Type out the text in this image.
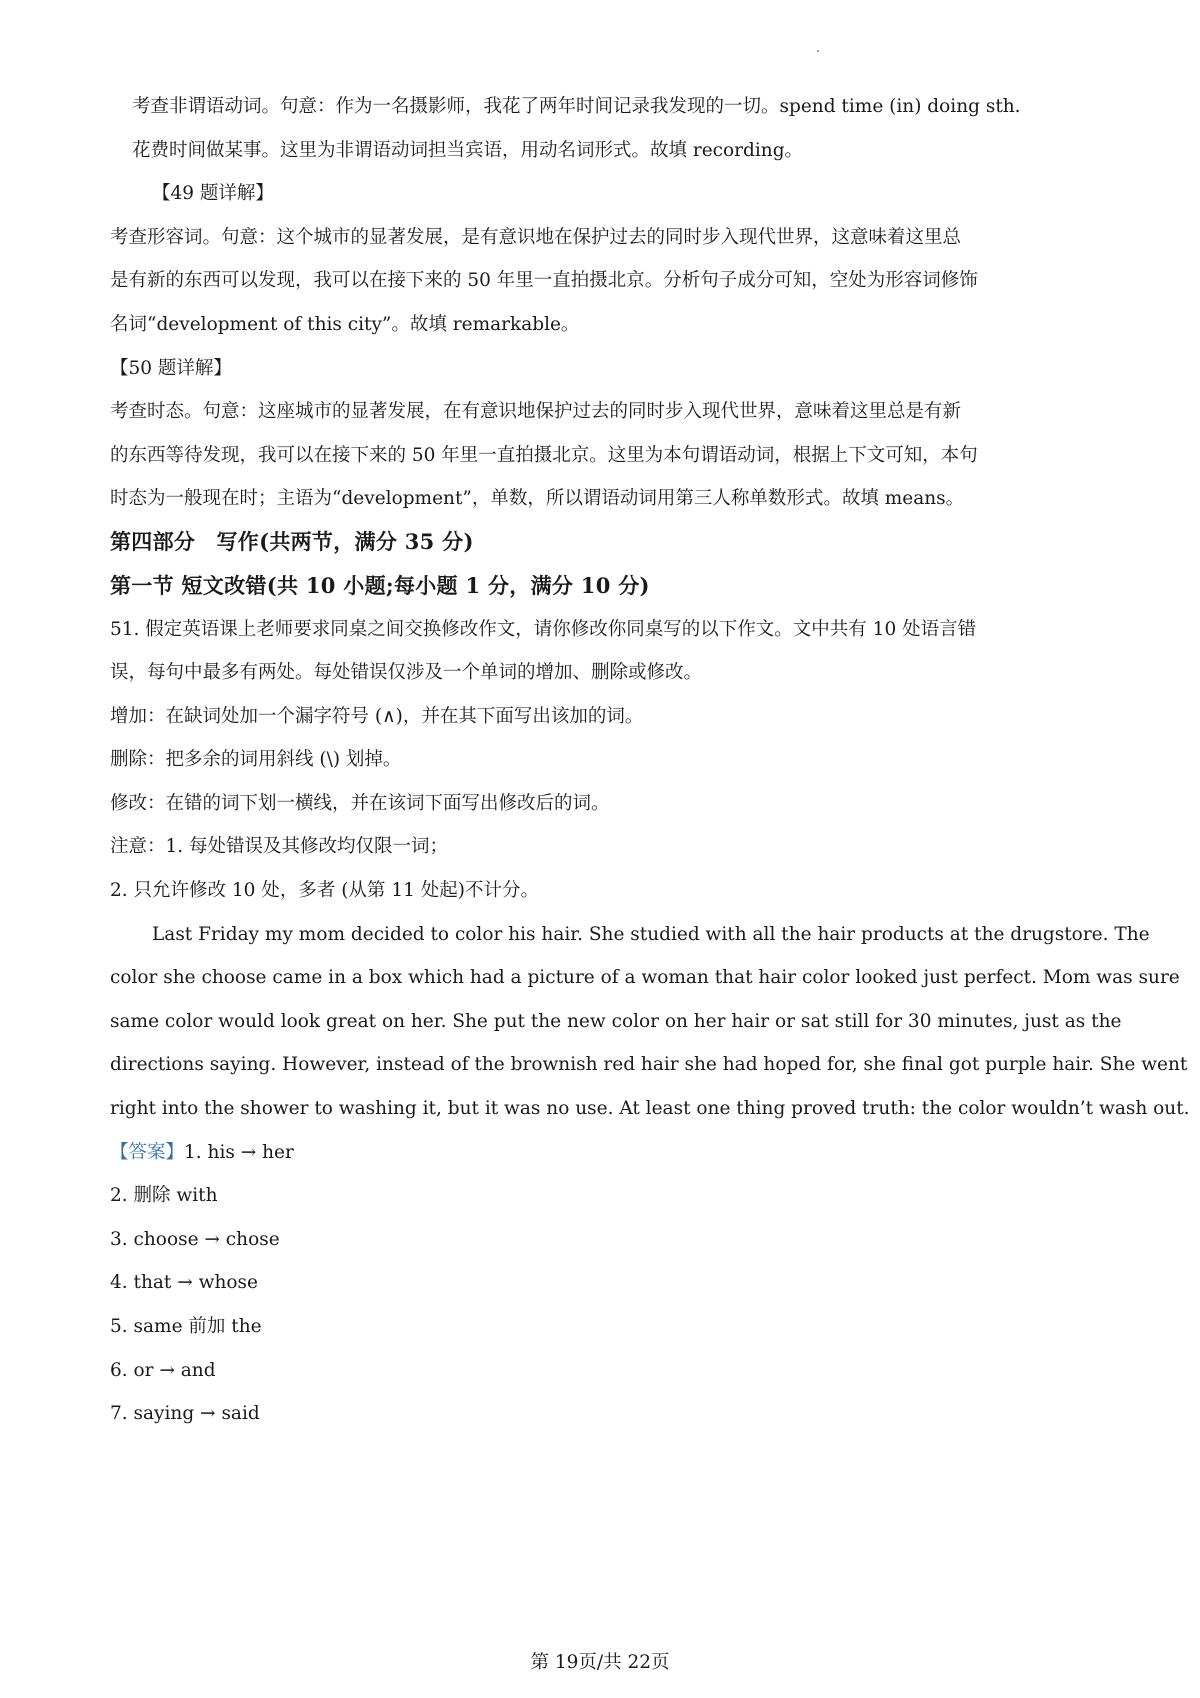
考查非谓语动词。句意：作为一名摄影师，我花了两年时间记录我发现的一切。spend time (in) doing sth.
花费时间做某事。这里为非谓语动词担当宾语，用动名词形式。故填 recording。
【49 题详解】
考查形容词。句意：这个城市的显著发展，是有意识地在保护过去的同时步入现代世界，这意味着这里总
是有新的东西可以发现，我可以在接下来的 50 年里一直拍摄北京。分析句子成分可知，空处为形容词修饰
名词“development of this city”。故填 remarkable。
【50 题详解】
考查时态。句意：这座城市的显著发展，在有意识地保护过去的同时步入现代世界，意味着这里总是有新
的东西等待发现，我可以在接下来的 50 年里一直拍摄北京。这里为本句谓语动词，根据上下文可知，本句
时态为一般现在时；主语为“development”，单数，所以谓语动词用第三人称单数形式。故填 means。
第四部分　写作(共两节，满分 35 分)
第一节 短文改错(共 10 小题;每小题 1 分，满分 10 分)
51. 假定英语课上老师要求同桌之间交换修改作文，请你修改你同桌写的以下作文。文中共有 10 处语言错
误，每句中最多有两处。每处错误仅涉及一个单词的增加、删除或修改。
增加：在缺词处加一个漏字符号 (∧)，并在其下面写出该加的词。
删除：把多余的词用斜线 (\) 划掉。
修改：在错的词下划一横线，并在该词下面写出修改后的词。
注意：1. 每处错误及其修改均仅限一词；
2. 只允许修改 10 处，多者 (从第 11 处起)不计分。
Last Friday my mom decided to color his hair. She studied with all the hair products at the drugstore. The
color she choose came in a box which had a picture of a woman that hair color looked just perfect. Mom was sure
same color would look great on her. She put the new color on her hair or sat still for 30 minutes, just as the
directions saying. However, instead of the brownish red hair she had hoped for, she final got purple hair. She went
right into the shower to washing it, but it was no use. At least one thing proved truth: the color wouldn’t wash out.
【答案】1. his → her
2. 删除 with
3. choose → chose
4. that → whose
5. same 前加 the
6. or → and
7. saying → said
第 19页/共 22页
